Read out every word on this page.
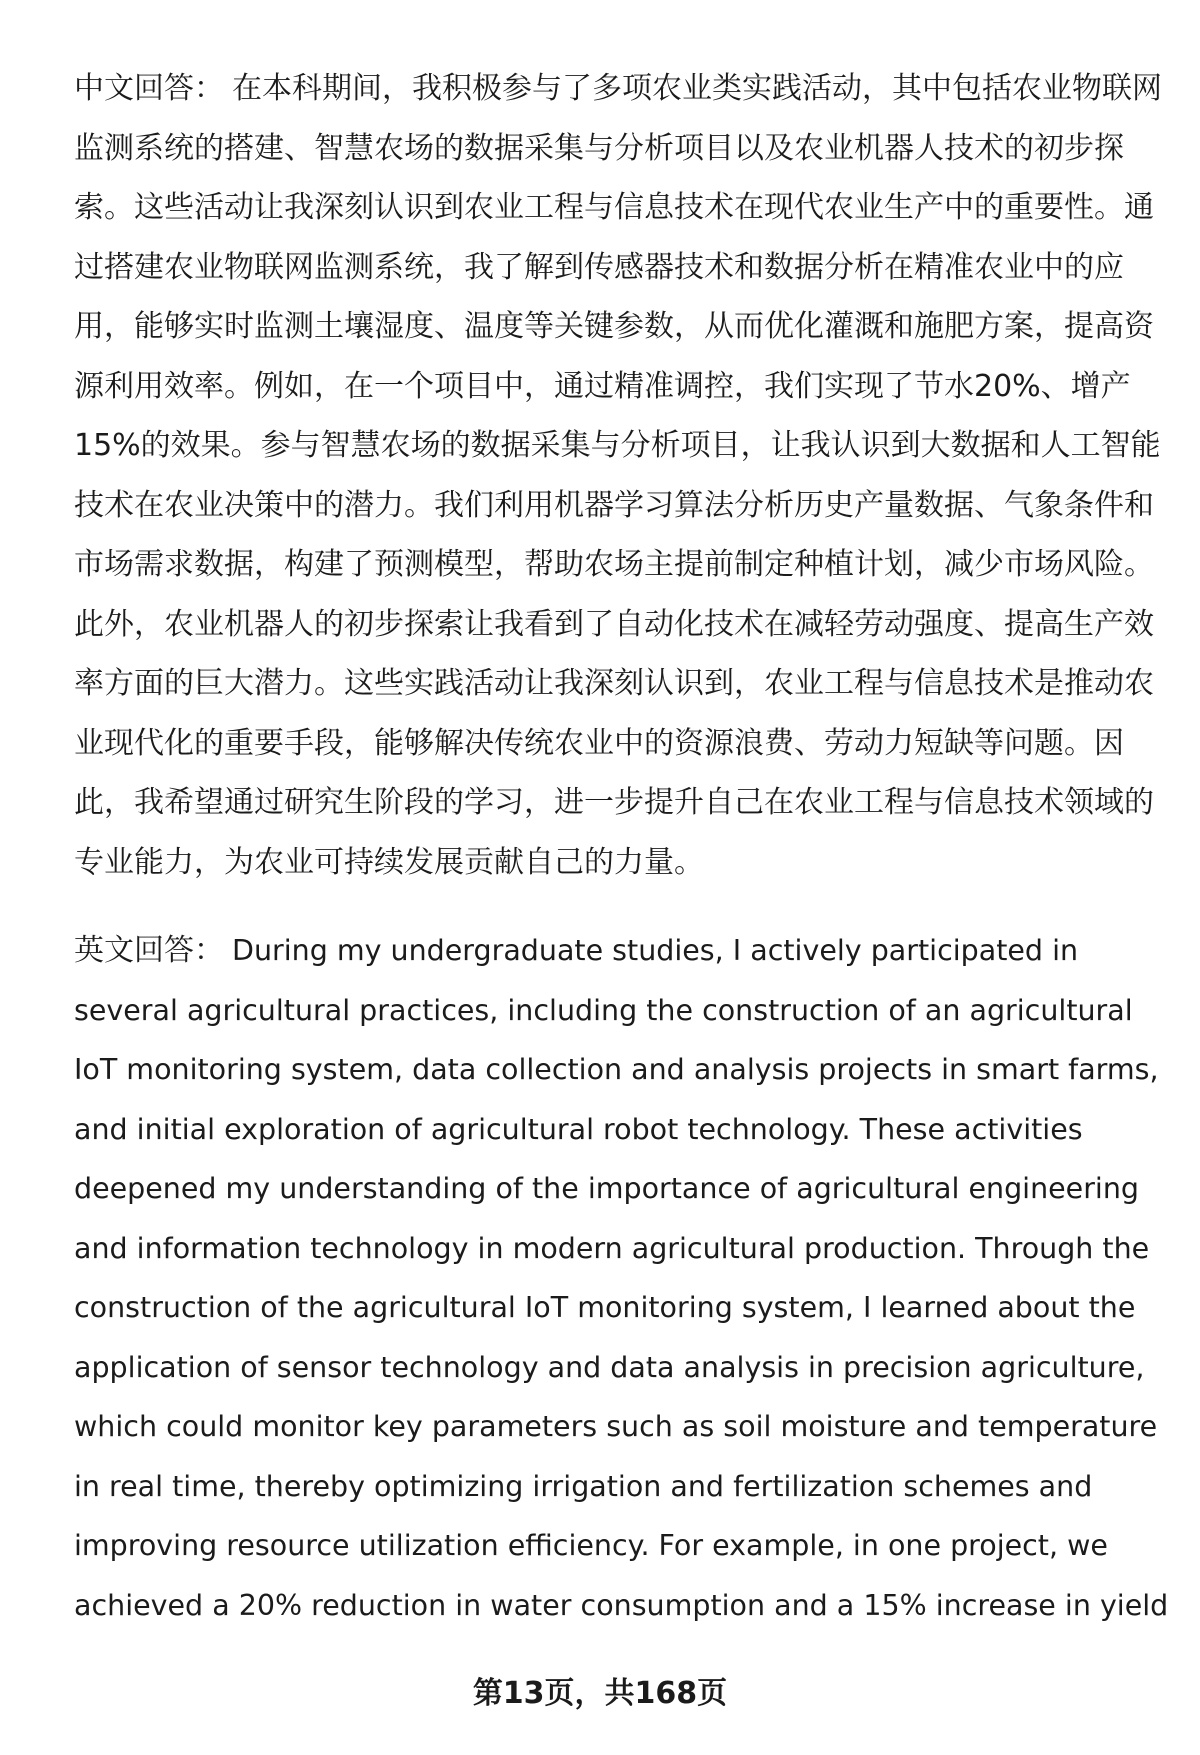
中文回答： 在本科期间，我积极参与了多项农业类实践活动，其中包括农业物联网
监测系统的搭建、智慧农场的数据采集与分析项目以及农业机器人技术的初步探
索。这些活动让我深刻认识到农业工程与信息技术在现代农业生产中的重要性。通
过搭建农业物联网监测系统，我了解到传感器技术和数据分析在精准农业中的应
用，能够实时监测土壤湿度、温度等关键参数，从而优化灌溉和施肥方案，提高资
源利用效率。例如，在一个项目中，通过精准调控，我们实现了节水20%、增产
15%的效果。参与智慧农场的数据采集与分析项目，让我认识到大数据和人工智能
技术在农业决策中的潜力。我们利用机器学习算法分析历史产量数据、气象条件和
市场需求数据，构建了预测模型，帮助农场主提前制定种植计划，减少市场风险。
此外，农业机器人的初步探索让我看到了自动化技术在减轻劳动强度、提高生产效
率方面的巨大潜力。这些实践活动让我深刻认识到，农业工程与信息技术是推动农
业现代化的重要手段，能够解决传统农业中的资源浪费、劳动力短缺等问题。因
此，我希望通过研究生阶段的学习，进一步提升自己在农业工程与信息技术领域的
专业能力，为农业可持续发展贡献自己的力量。
英文回答： During my undergraduate studies, I actively participated in
several agricultural practices, including the construction of an agricultural
IoT monitoring system, data collection and analysis projects in smart farms,
and initial exploration of agricultural robot technology. These activities
deepened my understanding of the importance of agricultural engineering
and information technology in modern agricultural production. Through the
construction of the agricultural IoT monitoring system, I learned about the
application of sensor technology and data analysis in precision agriculture,
which could monitor key parameters such as soil moisture and temperature
in real time, thereby optimizing irrigation and fertilization schemes and
improving resource utilization efficiency. For example, in one project, we
achieved a 20% reduction in water consumption and a 15% increase in yield
第13页，共168页
